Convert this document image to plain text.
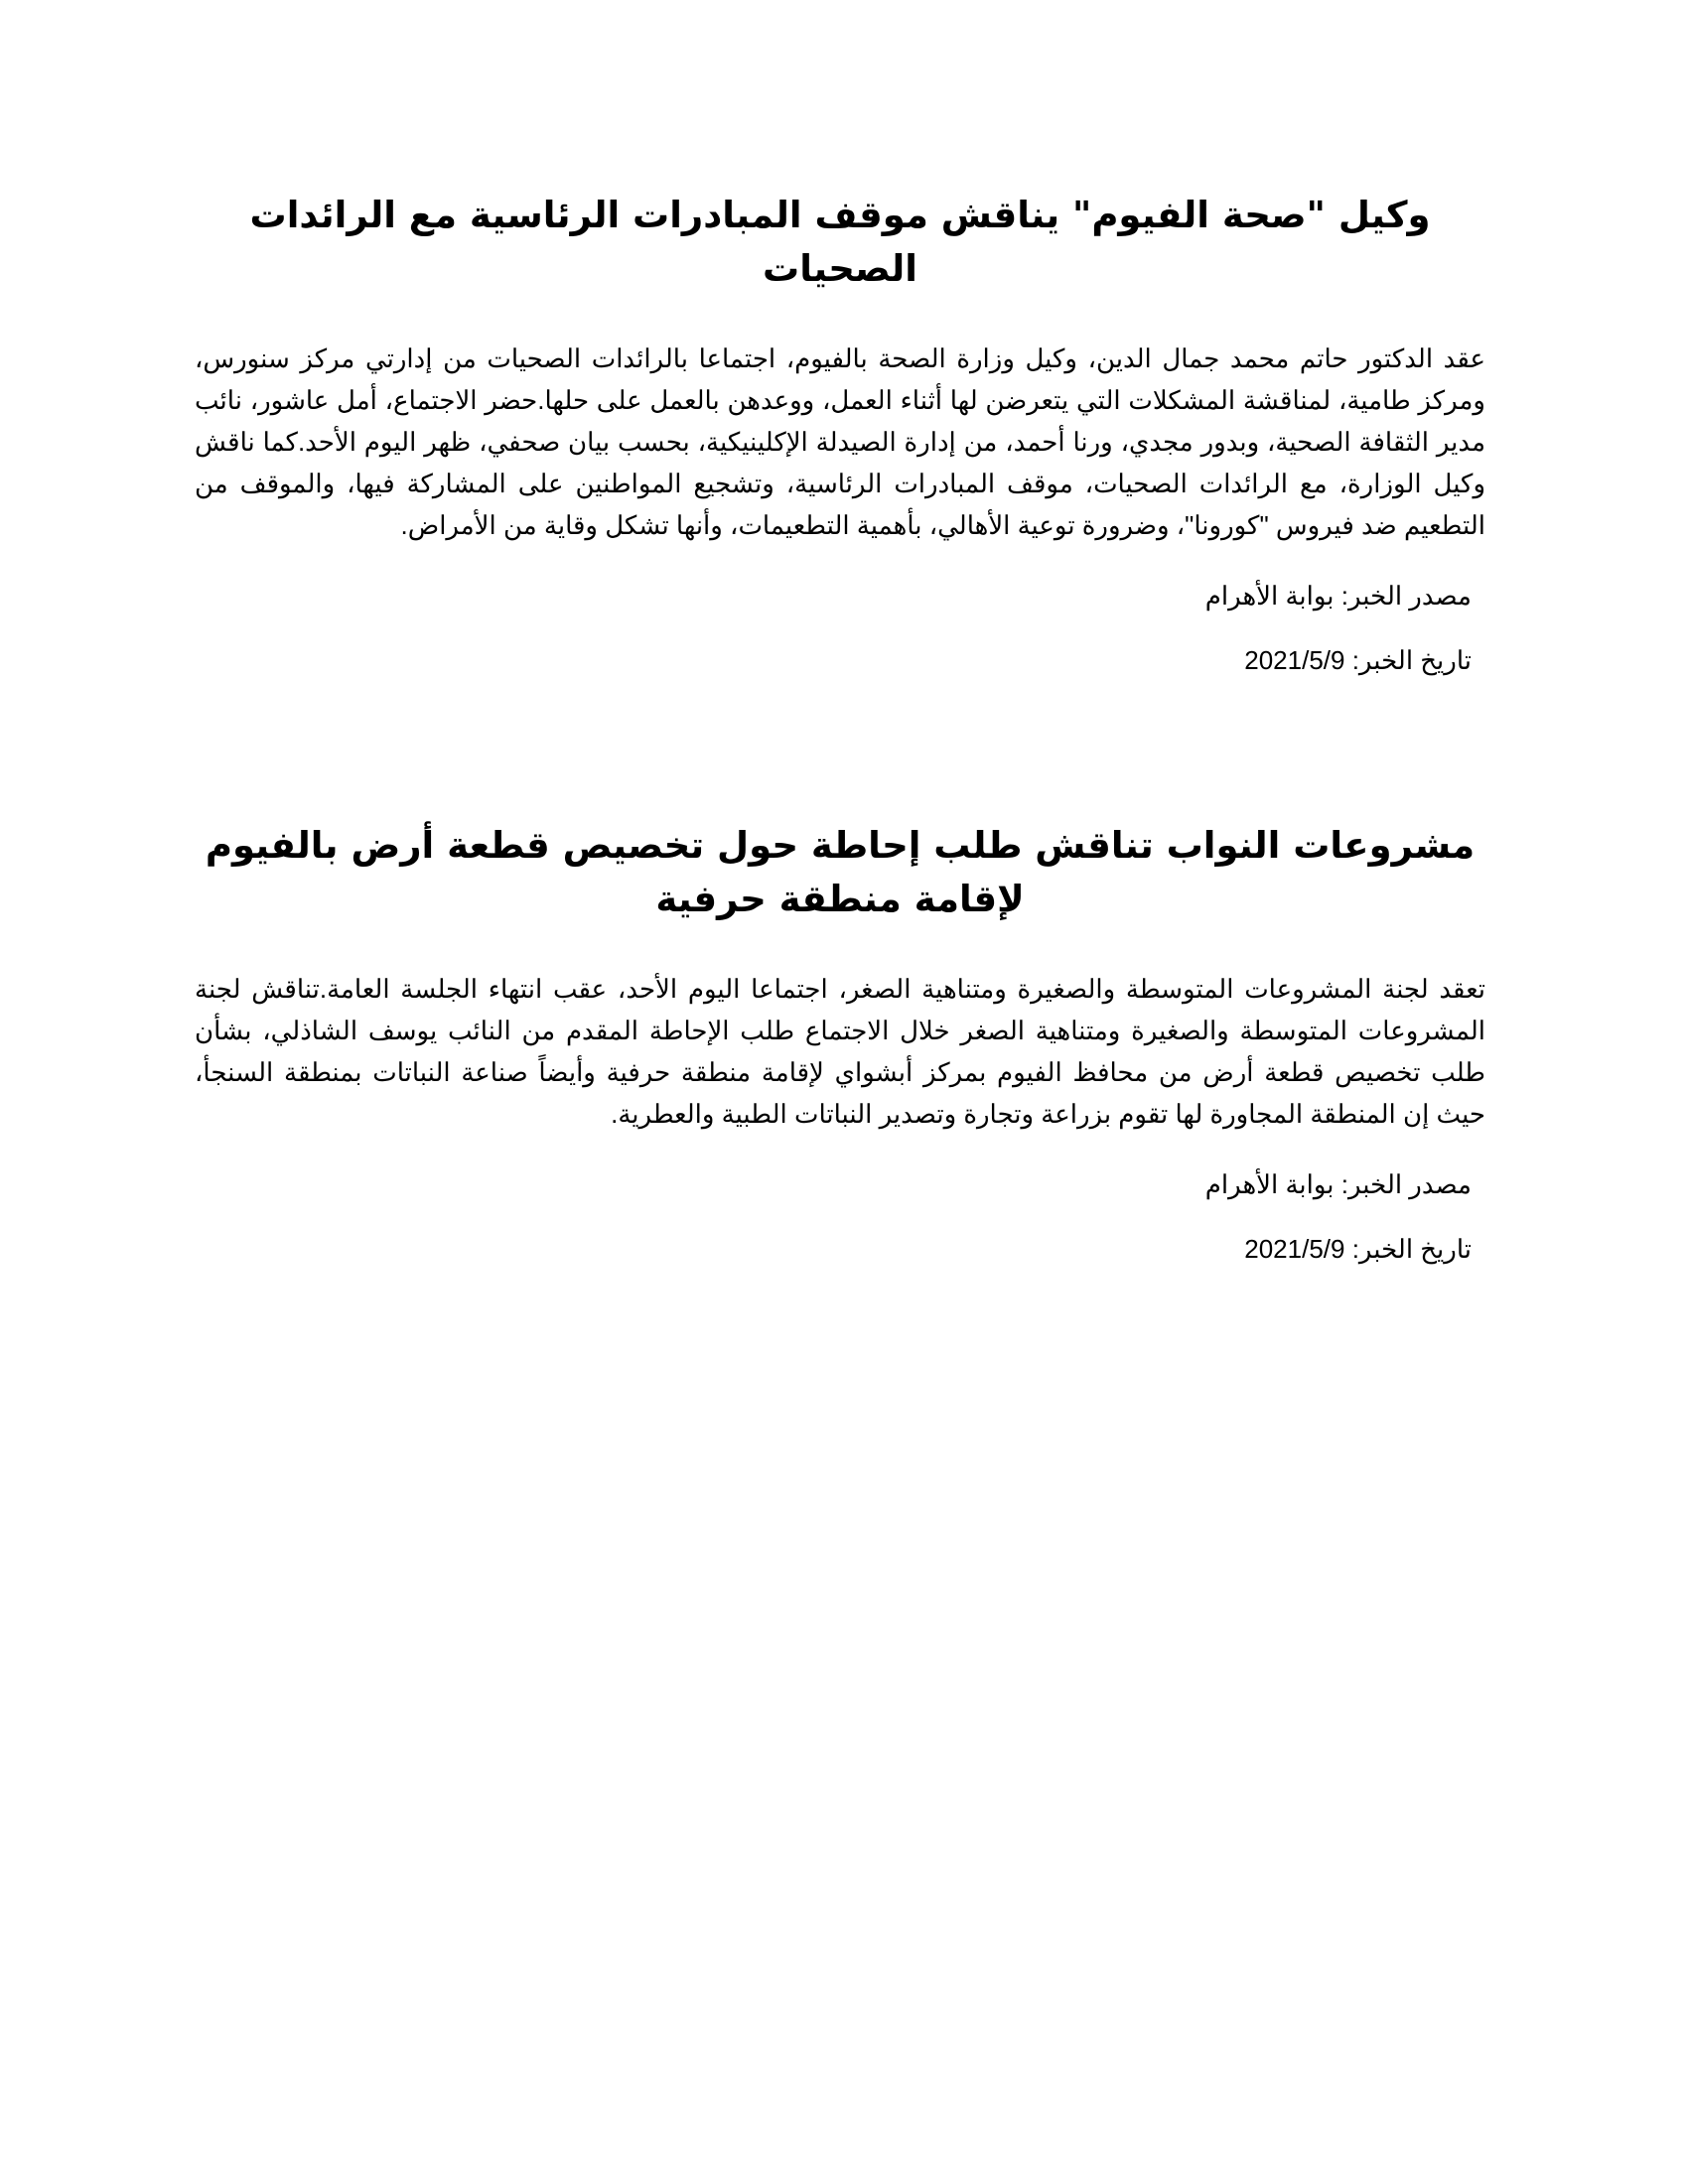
وكيل "صحة الفيوم" يناقش موقف المبادرات الرئاسية مع الرائدات الصحيات

عقد الدكتور حاتم محمد جمال الدين، وكيل وزارة الصحة بالفيوم، اجتماعا بالرائدات الصحيات من إدارتي مركز سنورس، ومركز طامية، لمناقشة المشكلات التي يتعرضن لها أثناء العمل، ووعدهن بالعمل على حلها.حضر الاجتماع، أمل عاشور، نائب مدير الثقافة الصحية، وبدور مجدي، ورنا أحمد، من إدارة الصيدلة الإكلينيكية، بحسب بيان صحفي، ظهر اليوم الأحد.كما ناقش وكيل الوزارة، مع الرائدات الصحيات، موقف المبادرات الرئاسية، وتشجيع المواطنين على المشاركة فيها، والموقف من التطعيم ضد فيروس "كورونا"، وضرورة توعية الأهالي، بأهمية التطعيمات، وأنها تشكل وقاية من الأمراض.

مصدر الخبر: بوابة الأهرام

تاريخ الخبر: 2021/5/9

مشروعات النواب تناقش طلب إحاطة حول تخصيص قطعة أرض بالفيوم لإقامة منطقة حرفية

تعقد لجنة المشروعات المتوسطة والصغيرة ومتناهية الصغر، اجتماعا اليوم الأحد، عقب انتهاء الجلسة العامة.تناقش لجنة المشروعات المتوسطة والصغيرة ومتناهية الصغر خلال الاجتماع طلب الإحاطة المقدم من النائب يوسف الشاذلي، بشأن طلب تخصيص قطعة أرض من محافظ الفيوم بمركز أبشواي لإقامة منطقة حرفية وأيضاً صناعة النباتات بمنطقة السنجأ، حيث إن المنطقة المجاورة لها تقوم بزراعة وتجارة وتصدير النباتات الطبية والعطرية.

مصدر الخبر: بوابة الأهرام

تاريخ الخبر: 2021/5/9
